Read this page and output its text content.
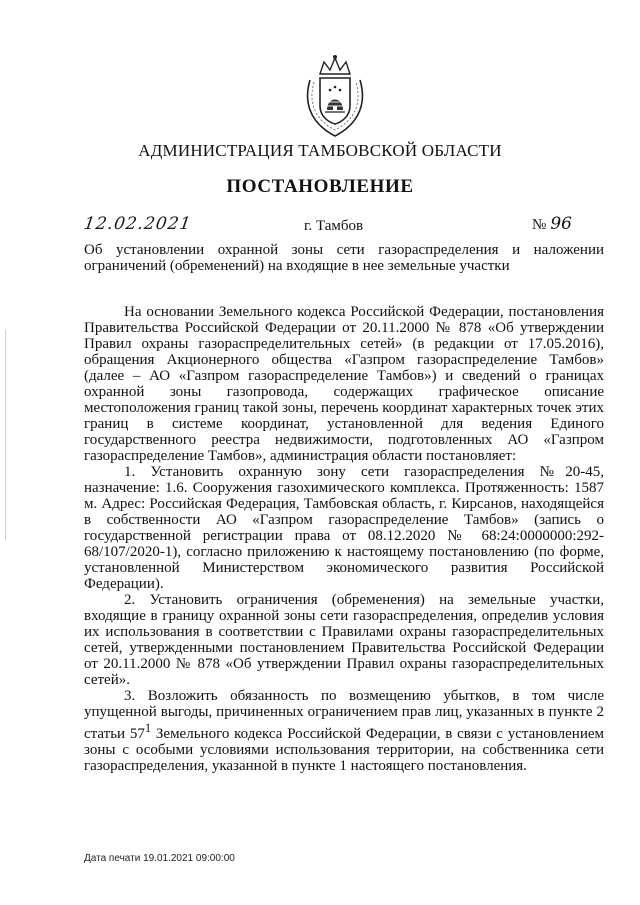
АДМИНИСТРАЦИЯ ТАМБОВСКОЙ ОБЛАСТИ
ПОСТАНОВЛЕНИЕ
12.02.2021	г. Тамбов	№ 96
Об установлении охранной зоны сети газораспределения и наложении ограничений (обременений) на входящие в нее земельные участки

На основании Земельного кодекса Российской Федерации, постановления Правительства Российской Федерации от 20.11.2000 № 878 «Об утверждении Правил охраны газораспределительных сетей» (в редакции от 17.05.2016), обращения Акционерного общества «Газпром газораспределение Тамбов» (далее – АО «Газпром газораспределение Тамбов») и сведений о границах охранной зоны газопровода, содержащих графическое описание местоположения границ такой зоны, перечень координат характерных точек этих границ в системе координат, установленной для ведения Единого государственного реестра недвижимости, подготовленных АО «Газпром газораспределение Тамбов», администрация области постановляет:

1. Установить охранную зону сети газораспределения №20-45, назначение: 1.6. Сооружения газохимического комплекса. Протяженность: 1587 м. Адрес: Российская Федерация, Тамбовская область, г. Кирсанов, находящейся в собственности АО «Газпром газораспределение Тамбов» (запись о государственной регистрации права от 08.12.2020 № 68:24:0000000:292-68/107/2020-1), согласно приложению к настоящему постановлению (по форме, установленной Министерством экономического развития Российской Федерации).

2. Установить ограничения (обременения) на земельные участки, входящие в границу охранной зоны сети газораспределения, определив условия их использования в соответствии с Правилами охраны газораспределительных сетей, утвержденными постановлением Правительства Российской Федерации от 20.11.2000 № 878 «Об утверждении Правил охраны газораспределительных сетей».

3. Возложить обязанность по возмещению убытков, в том числе упущенной выгоды, причиненных ограничением прав лиц, указанных в пункте 2 статьи $57^1$ Земельного кодекса Российской Федерации, в связи с установлением зоны с особыми условиями использования территории, на собственника сети газораспределения, указанной в пункте 1 настоящего постановления.

Дата печати 19.01.2021 09:00:00
